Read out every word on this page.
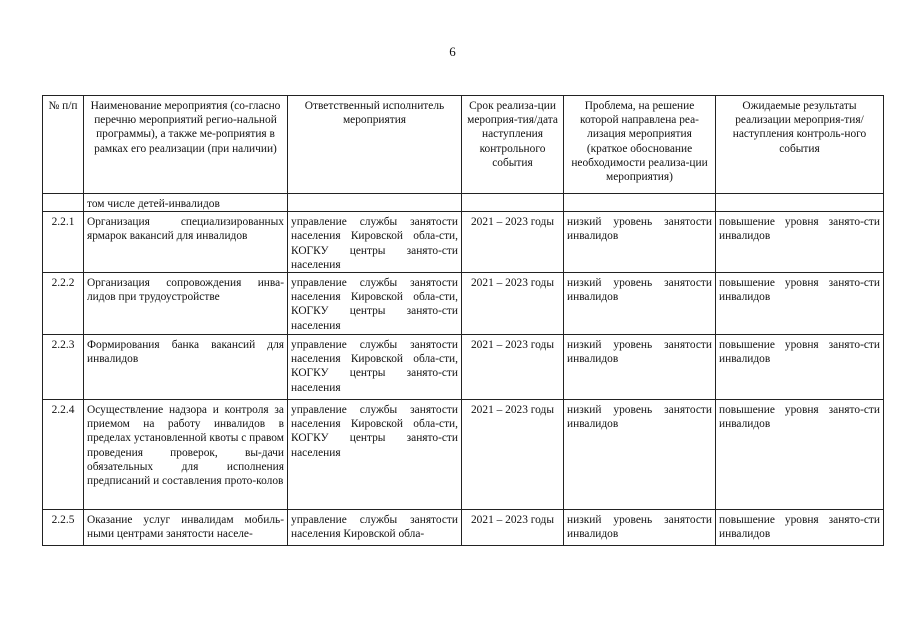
6
№ п/п	Наименование мероприятия (со-гласно перечню мероприятий регио-нальной программы), а также ме-роприятия в рамках его реализации (при наличии)	Ответственный исполнитель мероприятия	Срок реализа-ции мероприя-тия/дата наступления контрольного события	Проблема, на решение которой направлена реа-лизация мероприятия (краткое обоснование необходимости реализа-ции мероприятия)	Ожидаемые результаты реализации мероприя-тия/наступления контроль-ного события
	том числе детей-инвалидов				
2.2.1	Организация специализированных ярмарок вакансий для инвалидов	управление службы занятости населения Кировской обла-сти, КОГКУ центры занято-сти населения	2021 – 2023 годы	низкий уровень занятости инвалидов	повышение уровня занято-сти инвалидов
2.2.2	Организация сопровождения инва-лидов при трудоустройстве	управление службы занятости населения Кировской обла-сти, КОГКУ центры занято-сти населения	2021 – 2023 годы	низкий уровень занятости инвалидов	повышение уровня занято-сти инвалидов
2.2.3	Формирования банка вакансий для инвалидов	управление службы занятости населения Кировской обла-сти, КОГКУ центры занято-сти населения	2021 – 2023 годы	низкий уровень занятости инвалидов	повышение уровня занято-сти инвалидов
2.2.4	Осуществление надзора и контроля за приемом на работу инвалидов в пределах установленной квоты с правом проведения проверок, вы-дачи обязательных для исполнения предписаний и составления прото-колов	управление службы занятости населения Кировской обла-сти, КОГКУ центры занято-сти населения	2021 – 2023 годы	низкий уровень занятости инвалидов	повышение уровня занято-сти инвалидов
2.2.5	Оказание услуг инвалидам мобиль-ными центрами занятости населе-	управление службы занятости населения Кировской обла-	2021 – 2023 годы	низкий уровень занятости инвалидов	повышение уровня занято-сти инвалидов
